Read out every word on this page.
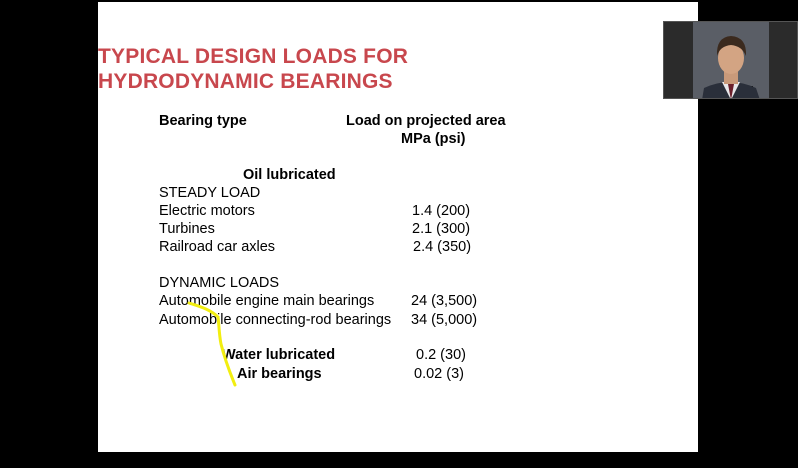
TYPICAL DESIGN LOADS FOR
HYDRODYNAMIC BEARINGS
Bearing type	Load on projected area
MPa (psi)
Oil lubricated
STEADY LOAD
Electric motors	1.4 (200)
Turbines	2.1 (300)
Railroad car axles	2.4 (350)
DYNAMIC LOADS
Automobile engine main bearings	24 (3,500)
Automobile connecting-rod bearings 34 (5,000)
Water lubricated	0.2 (30)
Air bearings	0.02 (3)
